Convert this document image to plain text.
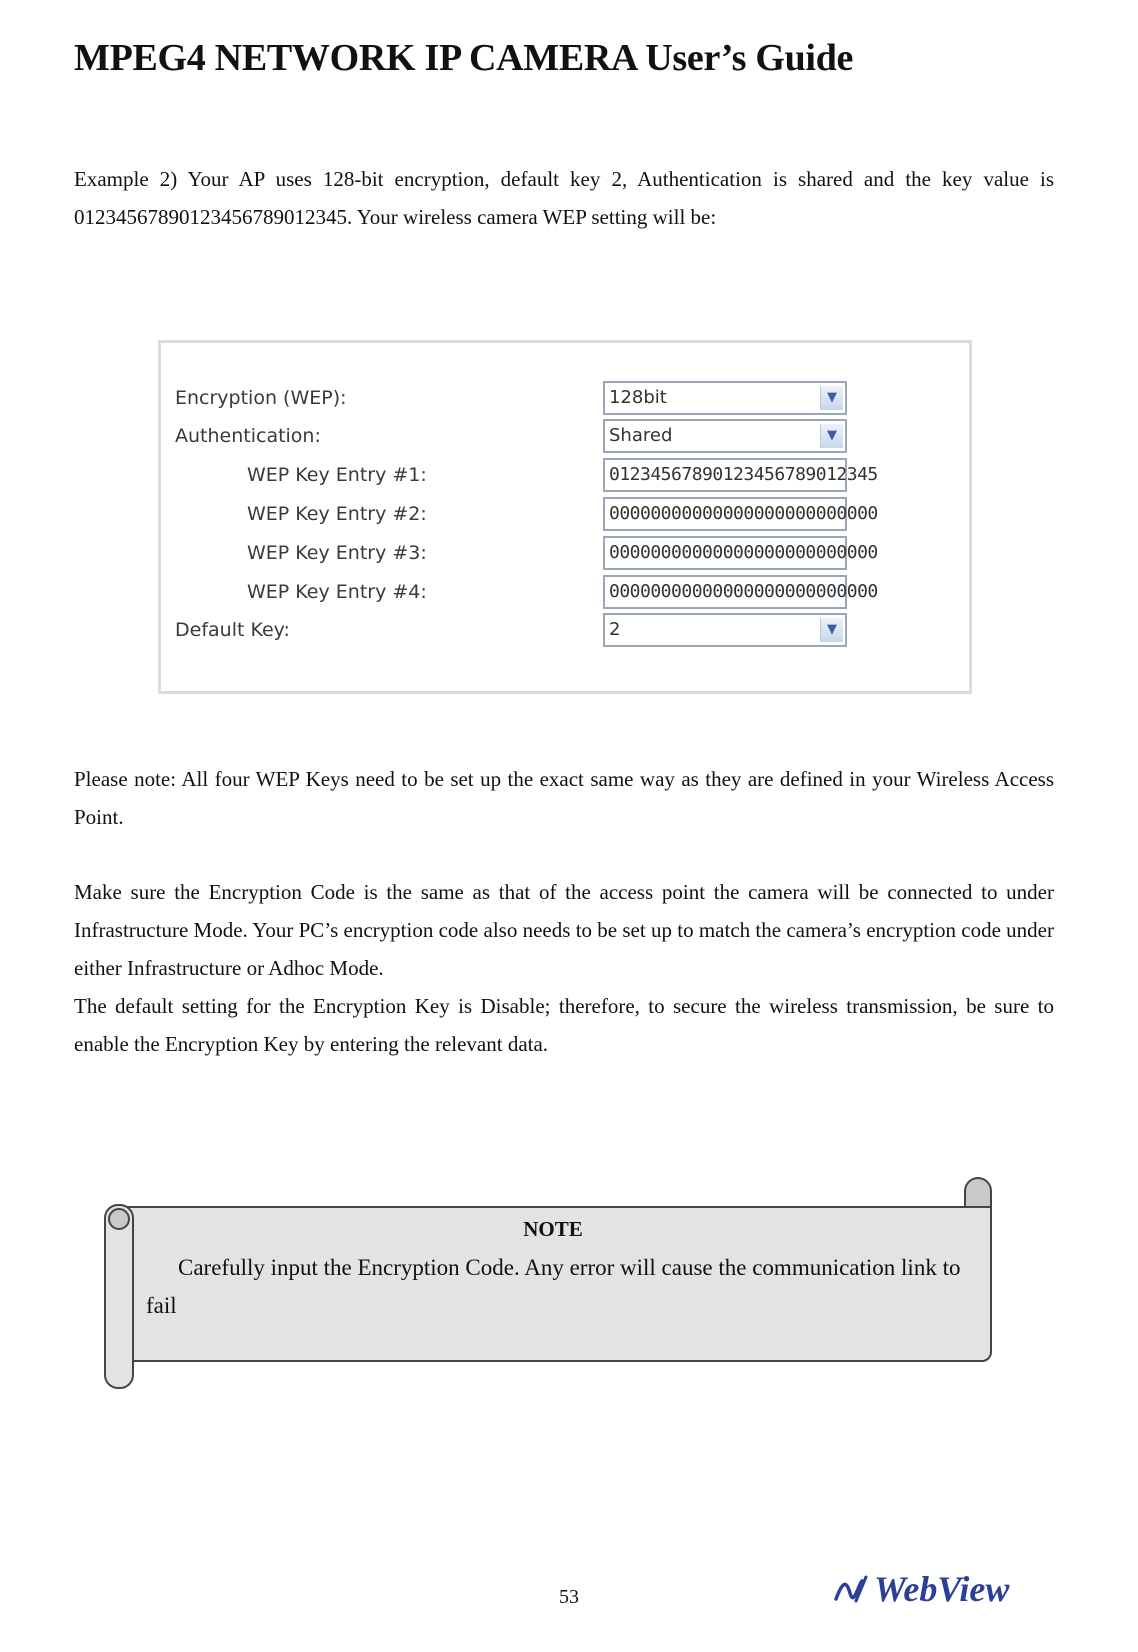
MPEG4 NETWORK IP CAMERA User’s Guide

Example 2) Your AP uses 128-bit encryption, default key 2, Authentication is shared and the key value is 01234567890123456789012345. Your wireless camera WEP setting will be:

Encryption (WEP):	128bit	▼
Authentication:	Shared	▼
WEP Key Entry #1:	01234567890123456789012345
WEP Key Entry #2:	00000000000000000000000000
WEP Key Entry #3:	00000000000000000000000000
WEP Key Entry #4:	00000000000000000000000000
Default Key:	2	▼

Please note: All four WEP Keys need to be set up the exact same way as they are defined in your Wireless Access Point.

Make sure the Encryption Code is the same as that of the access point the camera will be connected to under Infrastructure Mode. Your PC’s encryption code also needs to be set up to match the camera’s encryption code under either Infrastructure or Adhoc Mode.

The default setting for the Encryption Key is Disable; therefore, to secure the wireless transmission, be sure to enable the Encryption Key by entering the relevant data.

NOTE
Carefully input the Encryption Code. Any error will cause the communication link to fail
53	WebView
